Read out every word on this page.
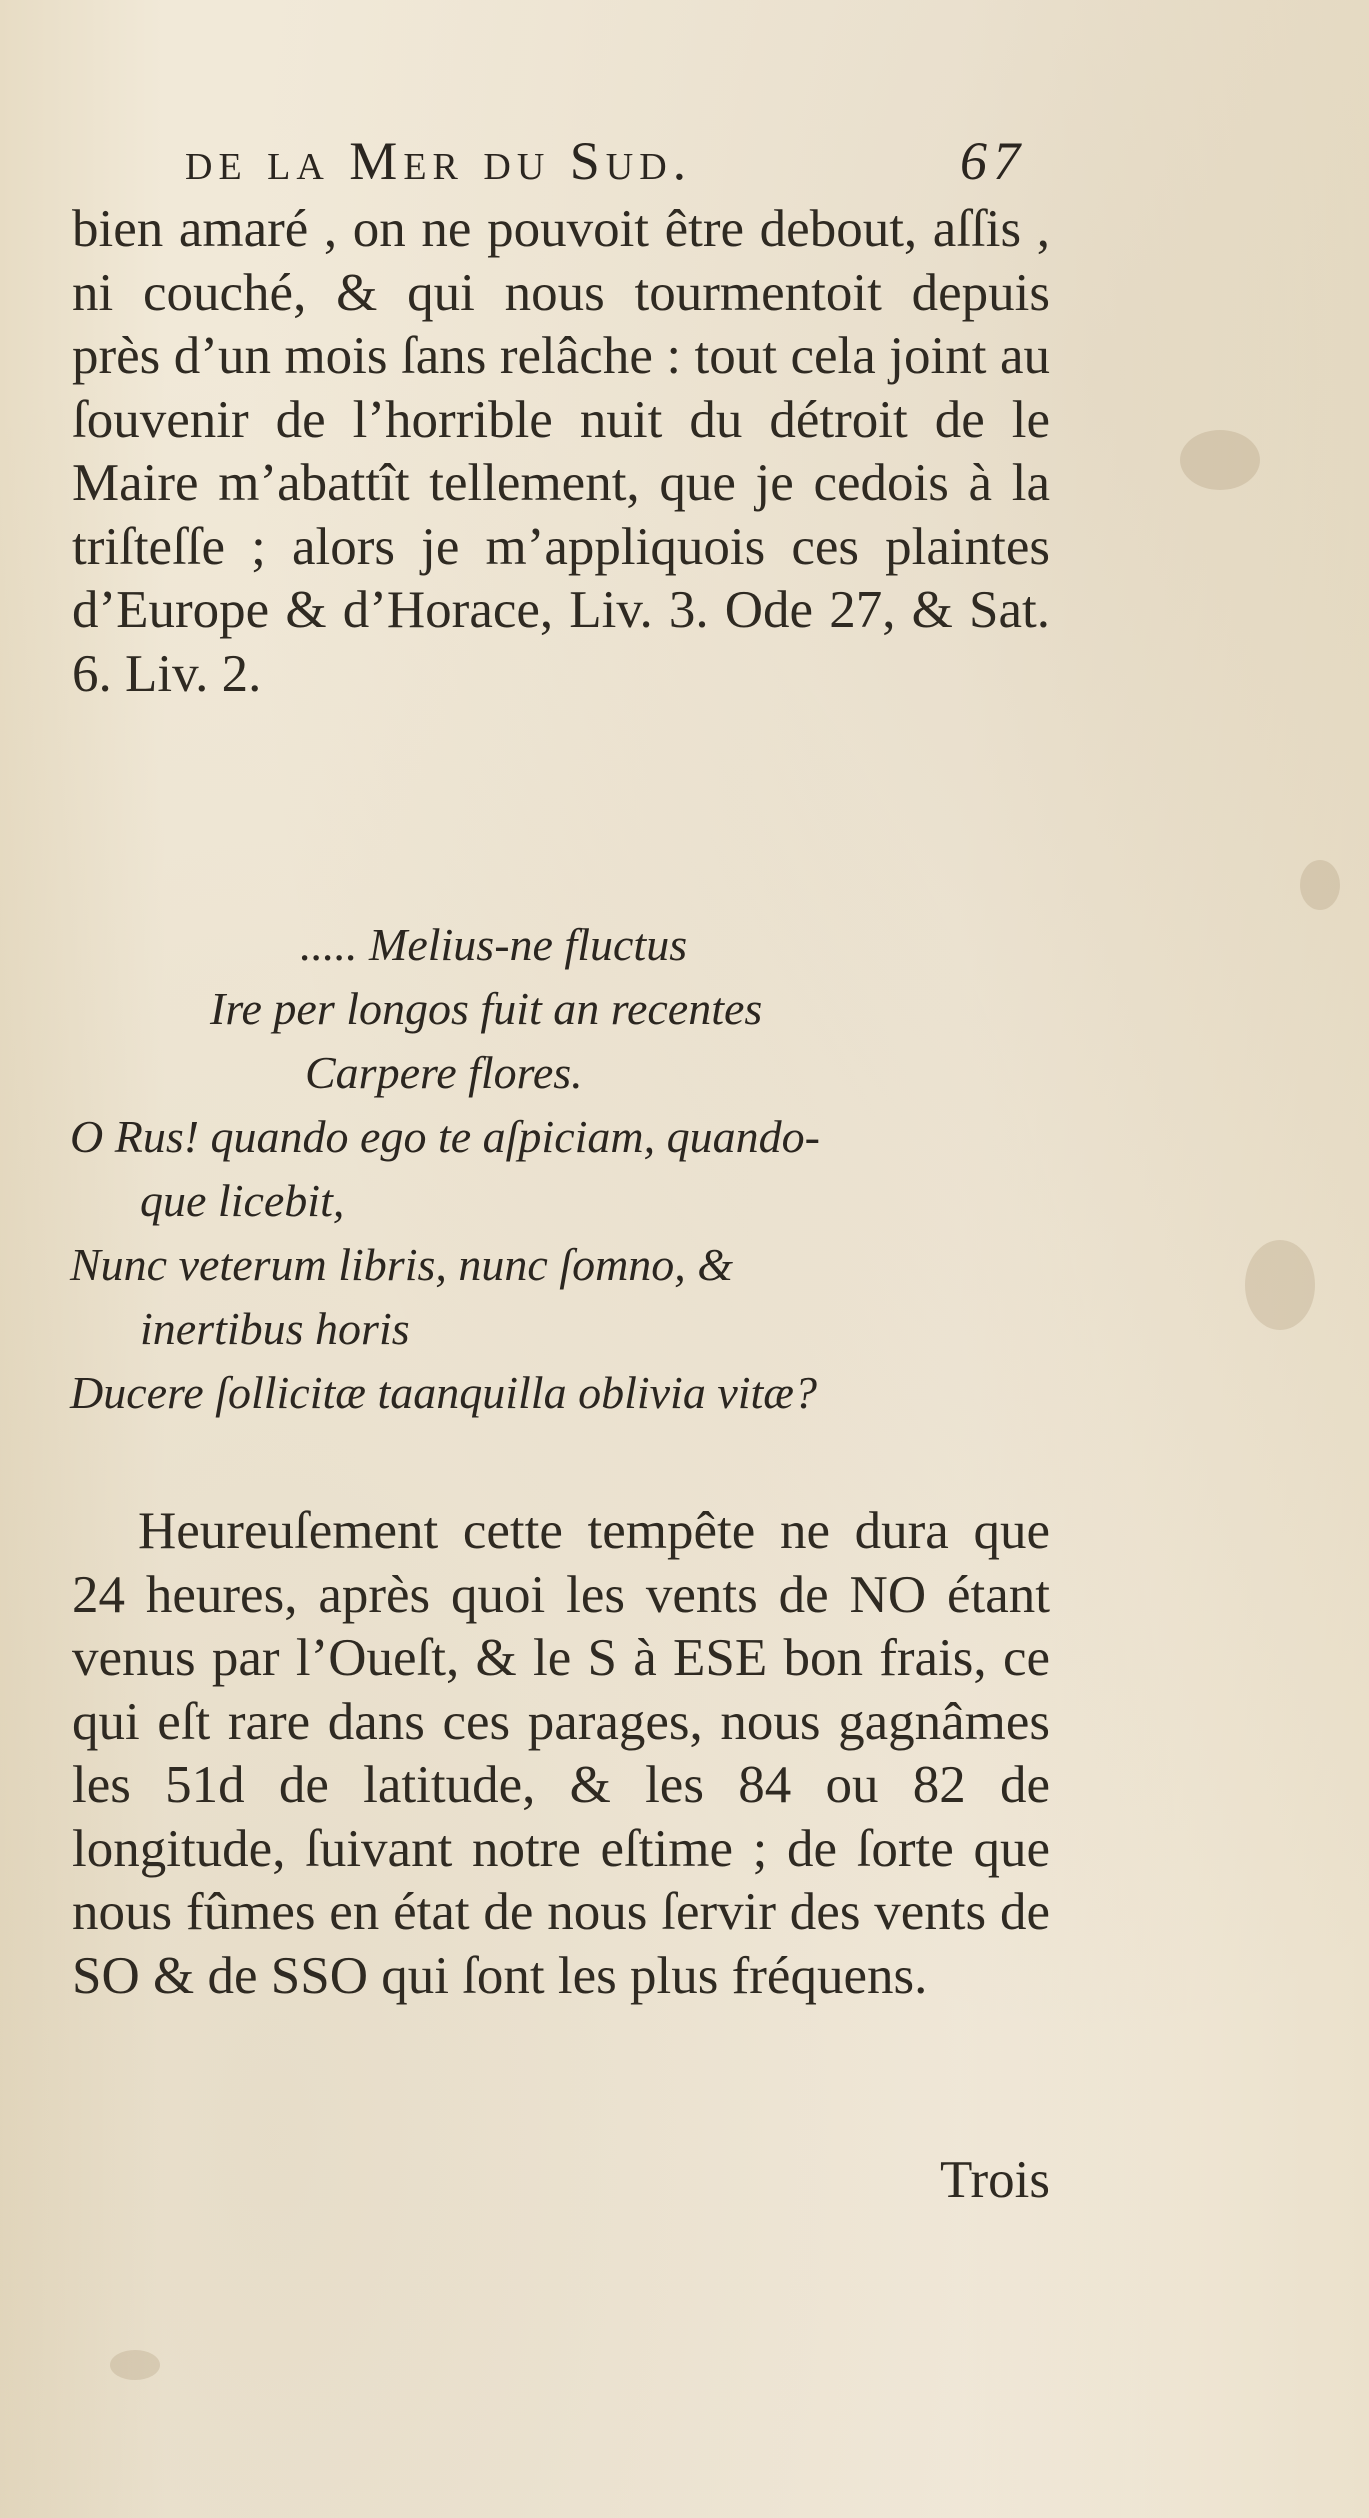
de la Mer du Sud.	67
bien amaré , on ne pouvoit être debout, aſſis , ni couché, & qui nous tourmentoit depuis près d’un mois ſans relâche : tout cela joint au ſouvenir de l’horrible nuit du détroit de le Maire m’abattît tellement, que je cedois à la triſteſſe ; alors je m’appliquois ces plaintes d’Europe & d’Horace, Liv. 3. Ode 27, & Sat. 6. Liv. 2.
..... Melius-ne fluctus
Ire per longos fuit an recentes
Carpere flores.
O Rus! quando ego te aſpiciam, quando-
que licebit,
Nunc veterum libris, nunc ſomno, &
inertibus horis
Ducere ſollicitæ taanquilla oblivia vitæ?
Heureuſement cette tempête ne dura que 24 heures, après quoi les vents de NO étant venus par l’Oueſt, & le S à ESE bon frais, ce qui eſt rare dans ces parages, nous gagnâmes les 51d de latitude, & les 84 ou 82 de longitude, ſuivant notre eſtime ; de ſorte que nous fûmes en état de nous ſervir des vents de SO & de SSO qui ſont les plus fréquens.
Trois
